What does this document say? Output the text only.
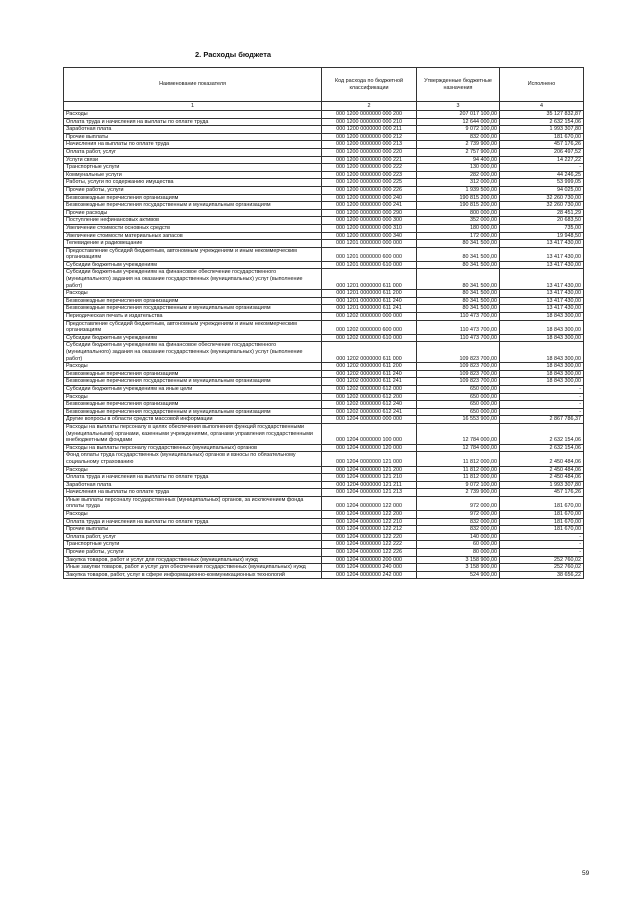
2. Расходы бюджета
Наименование показателя	Код расхода по бюджетной классификации	Утвержденные бюджетные назначения	Исполнено
1	2	3	4
Расходы	000 1200 0000000 000 200	207 017 100,00	35 127 832,87
Оплата труда и начисления на выплаты по оплате труда	000 1200 0000000 000 210	12 644 000,00	2 632 154,06
Заработная плата	000 1200 0000000 000 211	9 072 100,00	1 993 307,80
Прочие выплаты	000 1200 0000000 000 212	832 000,00	181 670,00
Начисления на выплаты по оплате труда	000 1200 0000000 000 213	2 739 900,00	457 176,26
Оплата работ, услуг	000 1200 0000000 000 220	2 757 900,00	206 497,52
Услуги связи	000 1200 0000000 000 221	94 400,00	14 227,22
Транспортные услуги	000 1200 0000000 000 222	130 000,00	-
Коммунальные услуги	000 1200 0000000 000 223	282 000,00	44 246,25
Работы, услуги по содержанию имущества	000 1200 0000000 000 225	312 000,00	53 999,05
Прочие работы, услуги	000 1200 0000000 000 226	1 939 500,00	94 025,00
Безвозмездные перечисления организациям	000 1200 0000000 000 240	190 815 200,00	32 260 730,00
Безвозмездные перечисления государственным и муниципальным организациям	000 1200 0000000 000 241	190 815 200,00	32 260 730,00
Прочие расходы	000 1200 0000000 000 290	800 000,00	28 451,29
Поступление нефинансовых активов	000 1200 0000000 000 300	352 000,00	20 683,50
Увеличение стоимости основных средств	000 1200 0000000 000 310	180 000,00	735,00
Увеличение стоимости материальных запасов	000 1200 0000000 000 340	172 000,00	19 948,50
Телевидение и радиовещание	000 1201 0000000 000 000	80 341 500,00	13 417 430,00
Предоставление субсидий бюджетным, автономным учреждениям и иным некоммерческим организациям	000 1201 0000000 600 000	80 341 500,00	13 417 430,00
Субсидии бюджетным учреждениям	000 1201 0000000 610 000	80 341 500,00	13 417 430,00
Субсидии бюджетным учреждениям на финансовое обеспечение государственного (муниципального) задания на оказание государственных (муниципальных) услуг (выполнение работ)	000 1201 0000000 611 000	80 341 500,00	13 417 430,00
Расходы	000 1201 0000000 611 200	80 341 500,00	13 417 430,00
Безвозмездные перечисления организациям	000 1201 0000000 611 240	80 341 500,00	13 417 430,00
Безвозмездные перечисления государственным и муниципальным организациям	000 1201 0000000 611 241	80 341 500,00	13 417 430,00
Периодическая печать и издательства	000 1202 0000000 000 000	110 473 700,00	18 843 300,00
Предоставление субсидий бюджетным, автономным учреждениям и иным некоммерческим организациям	000 1202 0000000 600 000	110 473 700,00	18 843 300,00
Субсидии бюджетным учреждениям	000 1202 0000000 610 000	110 473 700,00	18 843 300,00
Субсидии бюджетным учреждениям на финансовое обеспечение государственного (муниципального) задания на оказание государственных (муниципальных) услуг (выполнение работ)	000 1202 0000000 611 000	109 823 700,00	18 843 300,00
Расходы	000 1202 0000000 611 200	109 823 700,00	18 843 300,00
Безвозмездные перечисления организациям	000 1202 0000000 611 240	109 823 700,00	18 843 300,00
Безвозмездные перечисления государственным и муниципальным организациям	000 1202 0000000 611 241	109 823 700,00	18 843 300,00
Субсидии бюджетным учреждениям на иные цели	000 1202 0000000 612 000	650 000,00	-
Расходы	000 1202 0000000 612 200	650 000,00	-
Безвозмездные перечисления организациям	000 1202 0000000 612 240	650 000,00	-
Безвозмездные перечисления государственным и муниципальным организациям	000 1202 0000000 612 241	650 000,00	-
Другие вопросы в области средств массовой информации	000 1204 0000000 000 000	16 553 900,00	2 867 786,37
Расходы на выплаты персоналу в целях обеспечения выполнения функций государственными (муниципальными) органами, казенными учреждениями, органами управления государственными внебюджетными фондами	000 1204 0000000 100 000	12 784 000,00	2 632 154,06
Расходы на выплаты персоналу государственных (муниципальных) органов	000 1204 0000000 120 000	12 784 000,00	2 632 154,06
Фонд оплаты труда государственных (муниципальных) органов и взносы по обязательному социальному страхованию	000 1204 0000000 121 000	11 812 000,00	2 450 484,06
Расходы	000 1204 0000000 121 200	11 812 000,00	2 450 484,06
Оплата труда и начисления на выплаты по оплате труда	000 1204 0000000 121 210	11 812 000,00	2 450 484,06
Заработная плата	000 1204 0000000 121 211	9 072 100,00	1 993 307,80
Начисления на выплаты по оплате труда	000 1204 0000000 121 213	2 739 900,00	457 176,26
Иные выплаты персоналу государственных (муниципальных) органов, за исключением фонда оплаты труда	000 1204 0000000 122 000	972 000,00	181 670,00
Расходы	000 1204 0000000 122 200	972 000,00	181 670,00
Оплата труда и начисления на выплаты по оплате труда	000 1204 0000000 122 210	832 000,00	181 670,00
Прочие выплаты	000 1204 0000000 122 212	832 000,00	181 670,00
Оплата работ, услуг	000 1204 0000000 122 220	140 000,00	-
Транспортные услуги	000 1204 0000000 122 222	60 000,00	-
Прочие работы, услуги	000 1204 0000000 122 226	80 000,00	-
Закупка товаров, работ и услуг для государственных (муниципальных) нужд	000 1204 0000000 200 000	3 158 900,00	252 760,02
Иные закупки товаров, работ и услуг для обеспечения государственных (муниципальных) нужд	000 1204 0000000 240 000	3 158 900,00	252 760,02
Закупка товаров, работ, услуг в сфере информационно-коммуникационных технологий	000 1204 0000000 242 000	524 900,00	38 656,22
59
